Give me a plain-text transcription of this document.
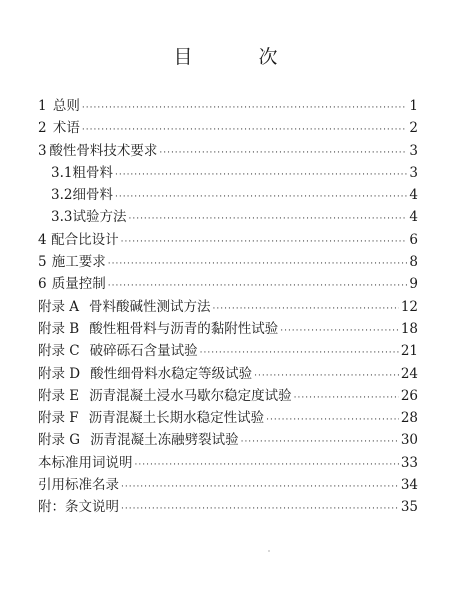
目 次
1 总则 ·····	1
2 术语 ·····	2
3 酸性骨料技术要求 ·····	3
3.1 粗骨料 ·····	3
3.2 细骨料 ·····	4
3.3 试验方法 ·····	4
4 配合比设计 ·····	6
5 施工要求 ·····	8
6 质量控制 ·····	9
附录 A 骨料酸碱性测试方法 ·····	12
附录 B 酸性粗骨料与沥青的黏附性试验 ·····	18
附录 C 破碎砾石含量试验 ·····	21
附录 D 酸性细骨料水稳定等级试验 ·····	24
附录 E 沥青混凝土浸水马歇尔稳定度试验 ·····	26
附录 F 沥青混凝土长期水稳定性试验 ·····	28
附录 G 沥青混凝土冻融劈裂试验 ·····	30
本标准用词说明 ·····	33
引用标准名录 ·····	34
附：条文说明 ·····	35
